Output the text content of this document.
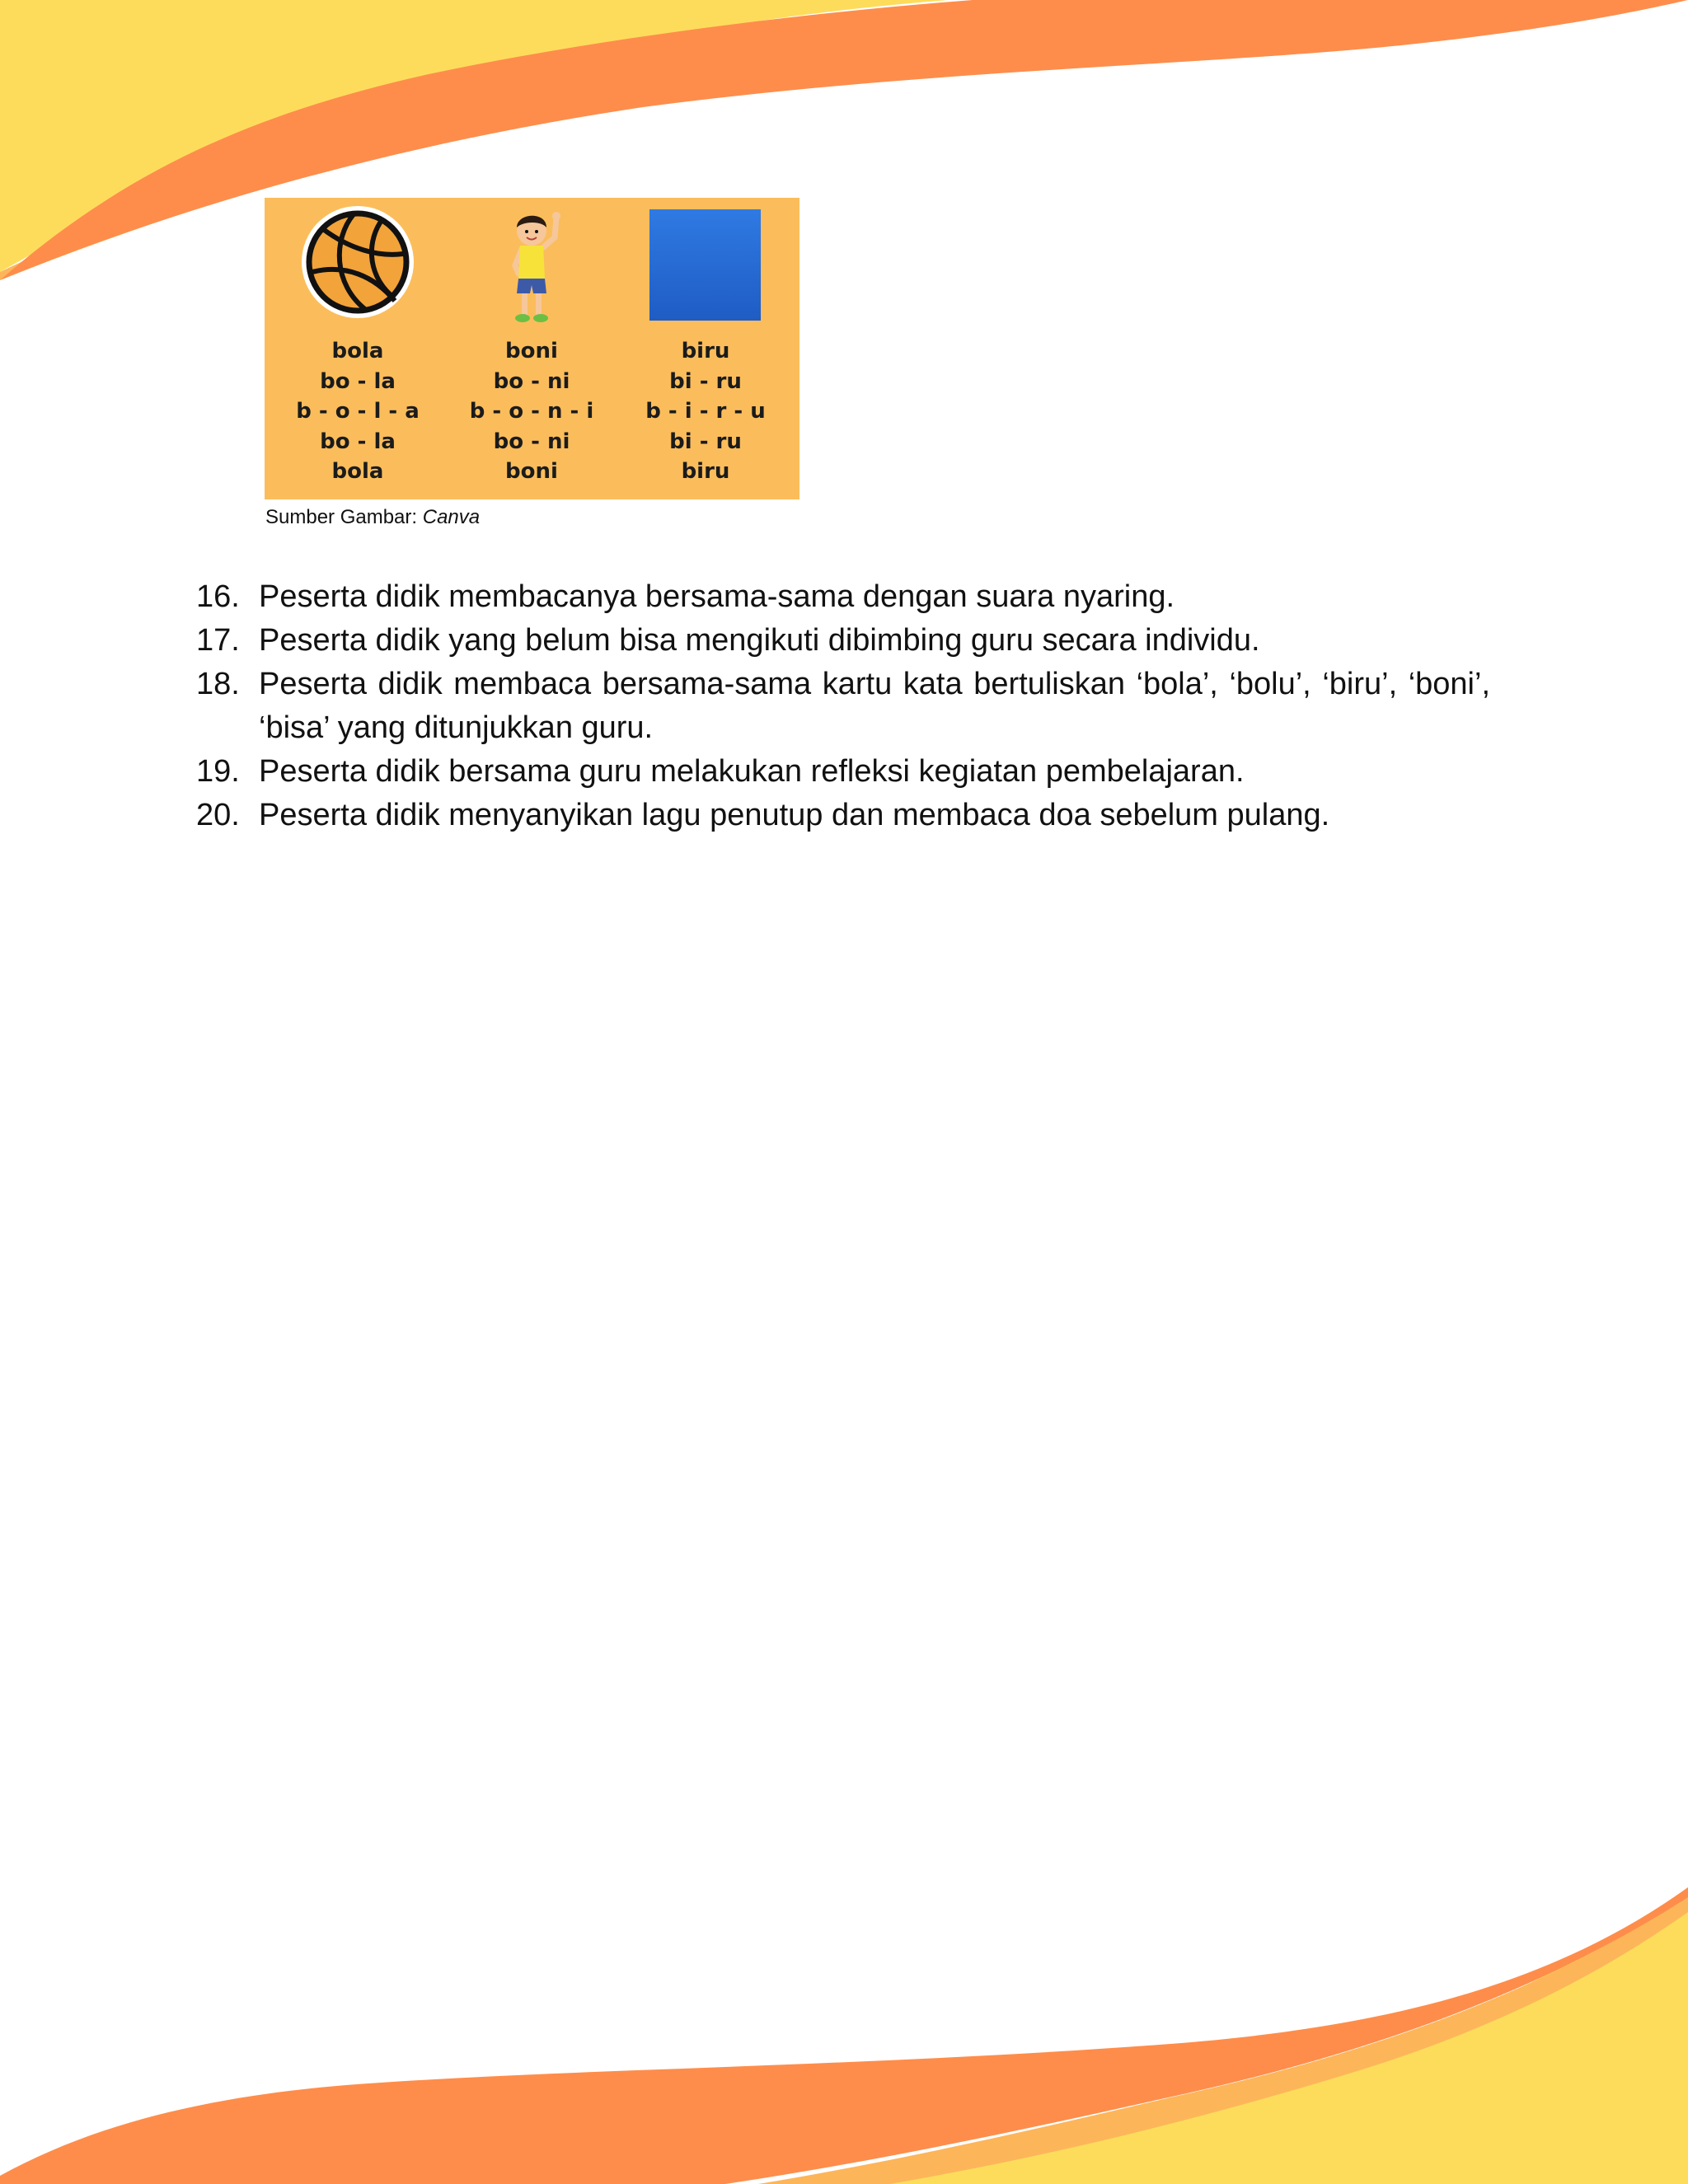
bola
bo - la
b - o - l - a
bo - la
bola
boni
bo - ni
b - o - n - i
bo - ni
boni
biru
bi - ru
b - i - r - u
bi - ru
biru
Sumber Gambar: Canva
16. Peserta didik membacanya bersama-sama dengan suara nyaring.
17. Peserta didik yang belum bisa mengikuti dibimbing guru secara individu.
18. Peserta didik membaca bersama-sama kartu kata bertuliskan ‘bola’, ‘bolu’, ‘biru’, ‘boni’, ‘bisa’ yang ditunjukkan guru.
19. Peserta didik bersama guru melakukan refleksi kegiatan pembelajaran.
20. Peserta didik menyanyikan lagu penutup dan membaca doa sebelum pulang.
